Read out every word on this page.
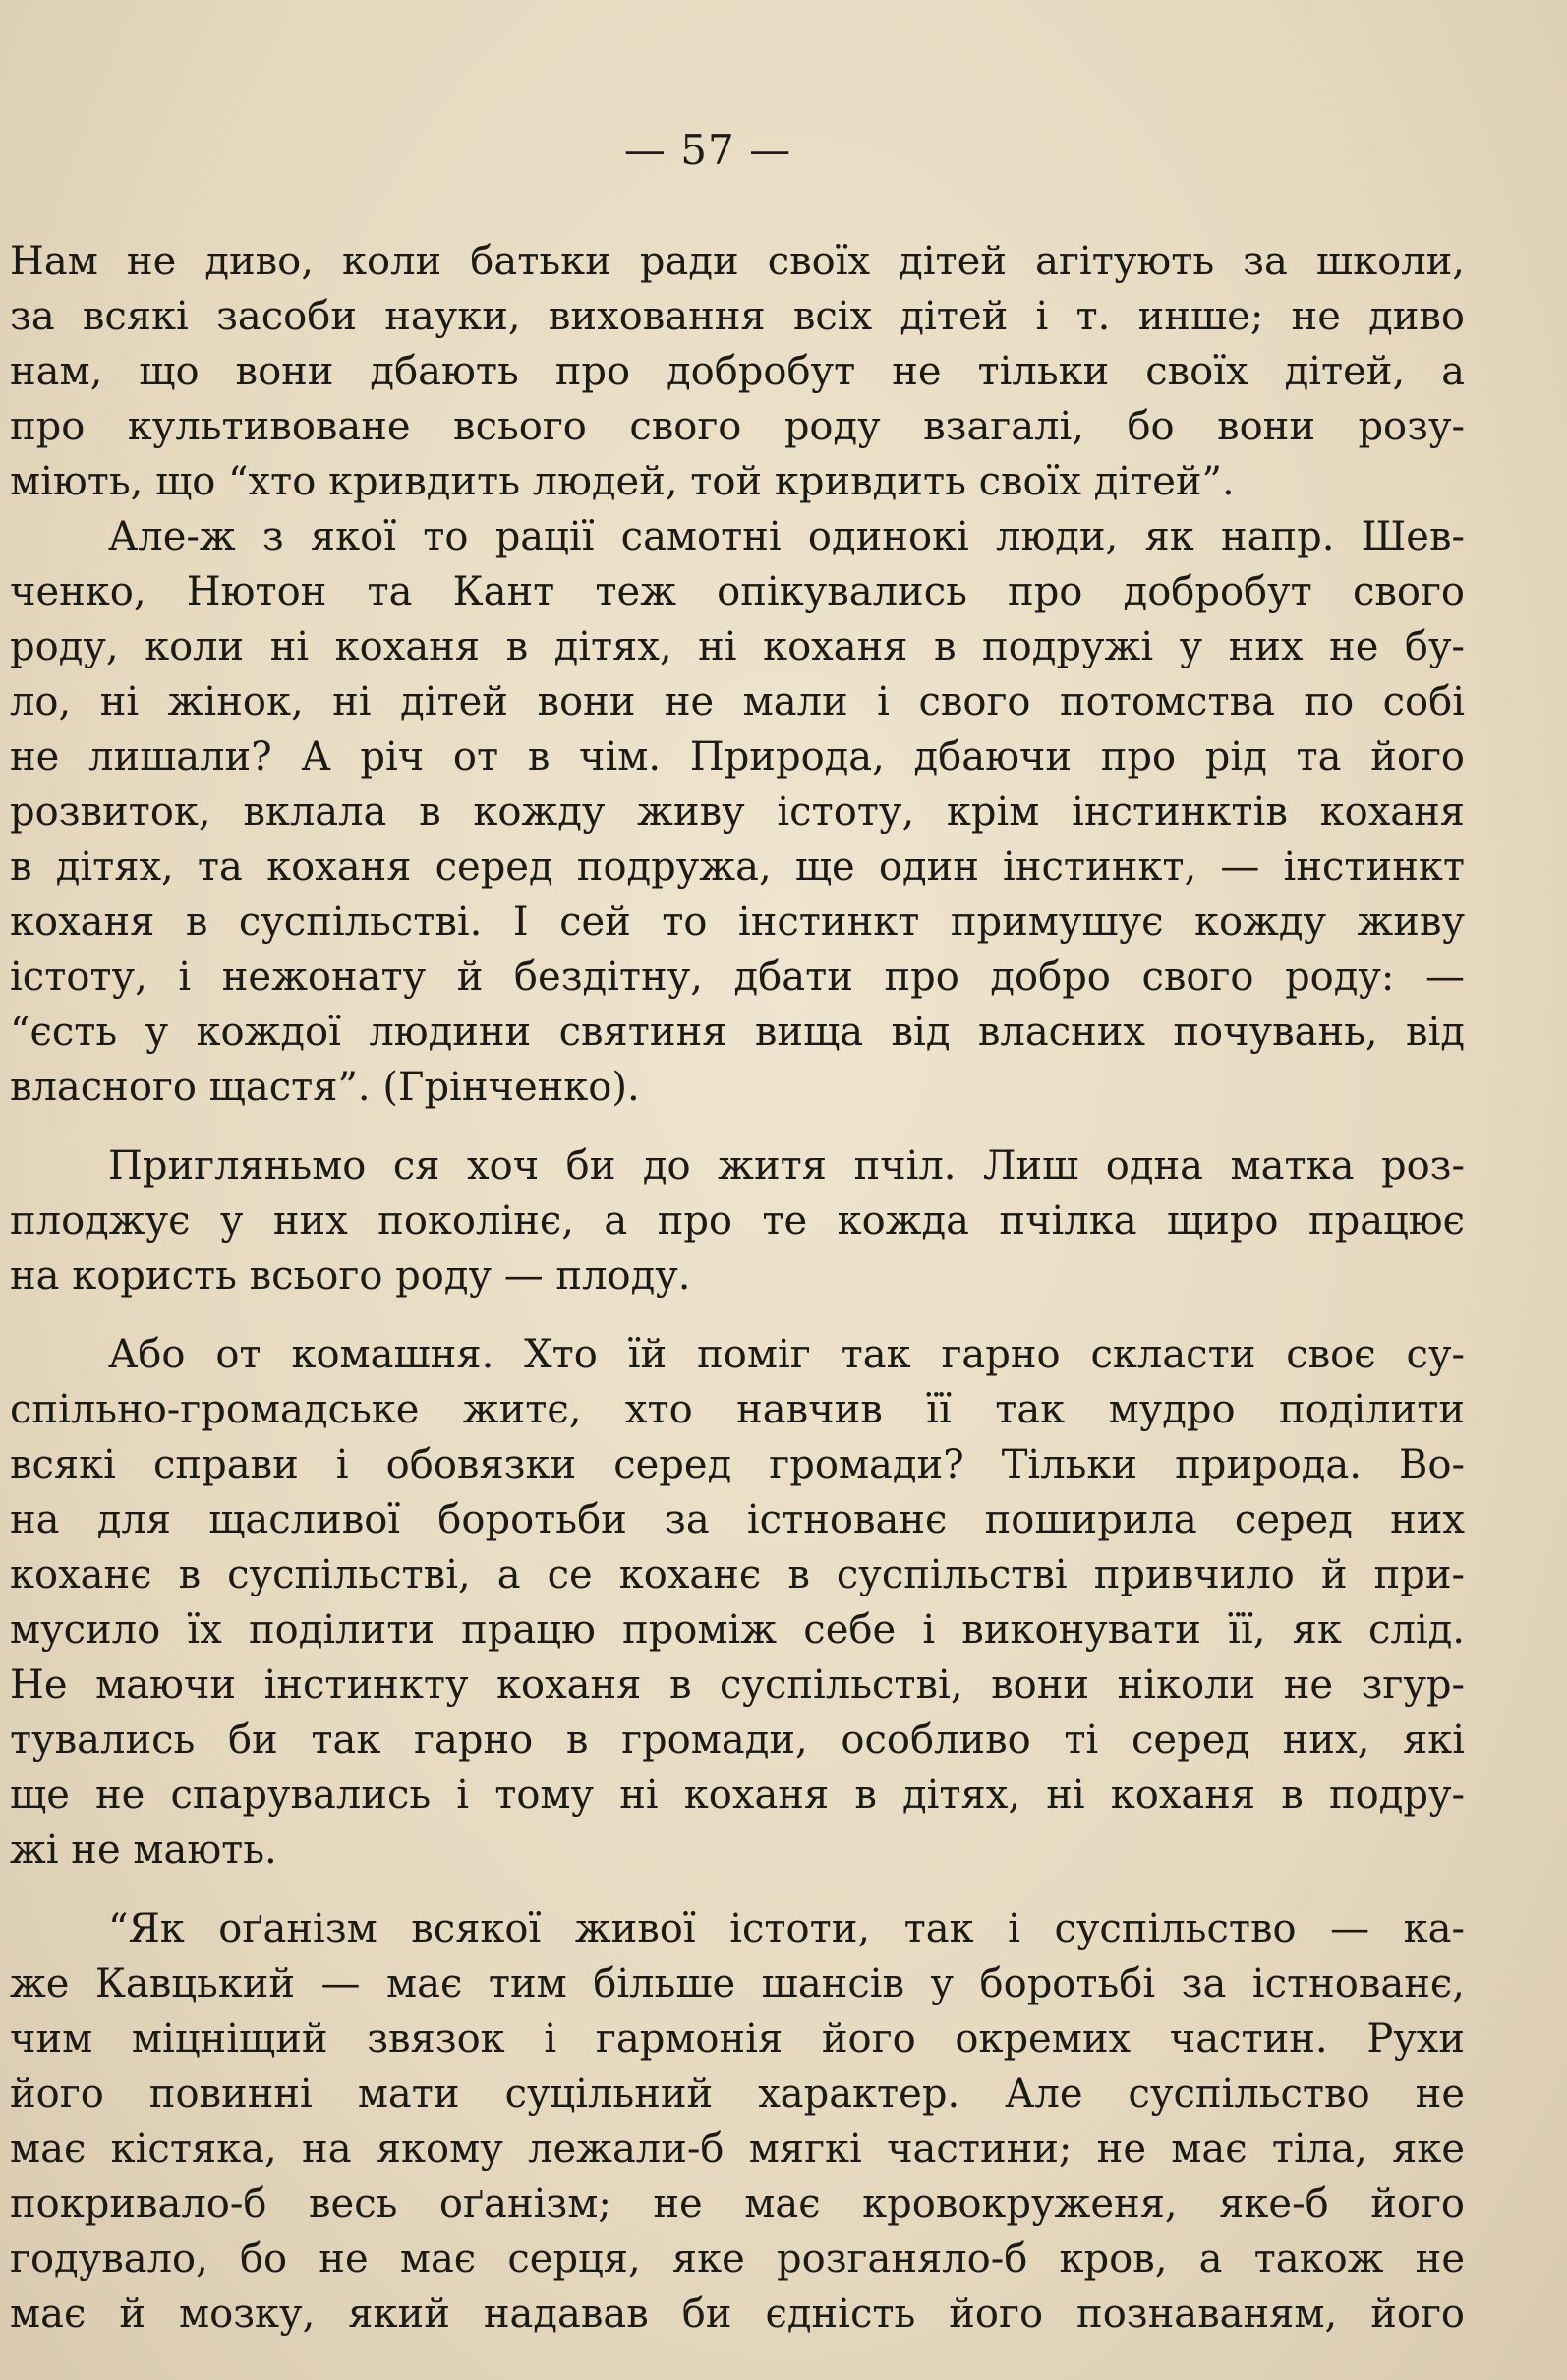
— 57 —

Нам не диво, коли батьки ради своїх дітей агітують за школи,
за всякі засоби науки, виховання всіх дітей і т. инше; не диво
нам, що вони дбають про добробут не тільки своїх дітей, а
про культивоване всього свого роду взагалі, бо вони розу-
міють, що “хто кривдить людей, той кривдить своїх дітей”.

Але-ж з якої то рації самотні одинокі люди, як напр. Шев-
ченко, Нютон та Кант теж опікувались про добробут свого
роду, коли ні коханя в дітях, ні коханя в подружі у них не бу-
ло, ні жінок, ні дітей вони не мали і свого потомства по собі
не лишали? А річ от в чім. Природа, дбаючи про рід та його
розвиток, вклала в кожду живу істоту, крім інстинктів коханя
в дітях, та коханя серед подружа, ще один інстинкт, — інстинкт
коханя в суспільстві. І сей то інстинкт примушує кожду живу
істоту, і нежонату й бездітну, дбати про добро свого роду: —
“єсть у кождої людини святиня вища від власних почувань, від
власного щастя”. (Грінченко).

Пригляньмо ся хоч би до житя пчіл. Лиш одна матка роз-
плоджує у них поколінє, а про те кожда пчілка щиро працює
на користь всього роду — плоду.

Або от комашня. Хто їй поміг так гарно скласти своє су-
спільно-громадське житє, хто навчив її так мудро поділити
всякі справи і обовязки серед громади? Тільки природа. Во-
на для щасливої боротьби за істнованє поширила серед них
коханє в суспільстві, а се коханє в суспільстві привчило й при-
мусило їх поділити працю проміж себе і виконувати її, як слід.
Не маючи інстинкту коханя в суспільстві, вони ніколи не згур-
тувались би так гарно в громади, особливо ті серед них, які
ще не спарувались і тому ні коханя в дітях, ні коханя в подру-
жі не мають.

“Як оґанізм всякої живої істоти, так і суспільство — ка-
же Кавцький — має тим більше шансів у боротьбі за істнованє,
чим міцніщий звязок і гармонія його окремих частин. Рухи
його повинні мати суцільний характер. Але суспільство не
має кістяка, на якому лежали-б мягкі частини; не має тіла, яке
покривало-б весь оґанізм; не має кровокруженя, яке-б його
годувало, бо не має серця, яке розганяло-б кров, а також не
має й мозку, який надавав би єдність його познаваням, його
